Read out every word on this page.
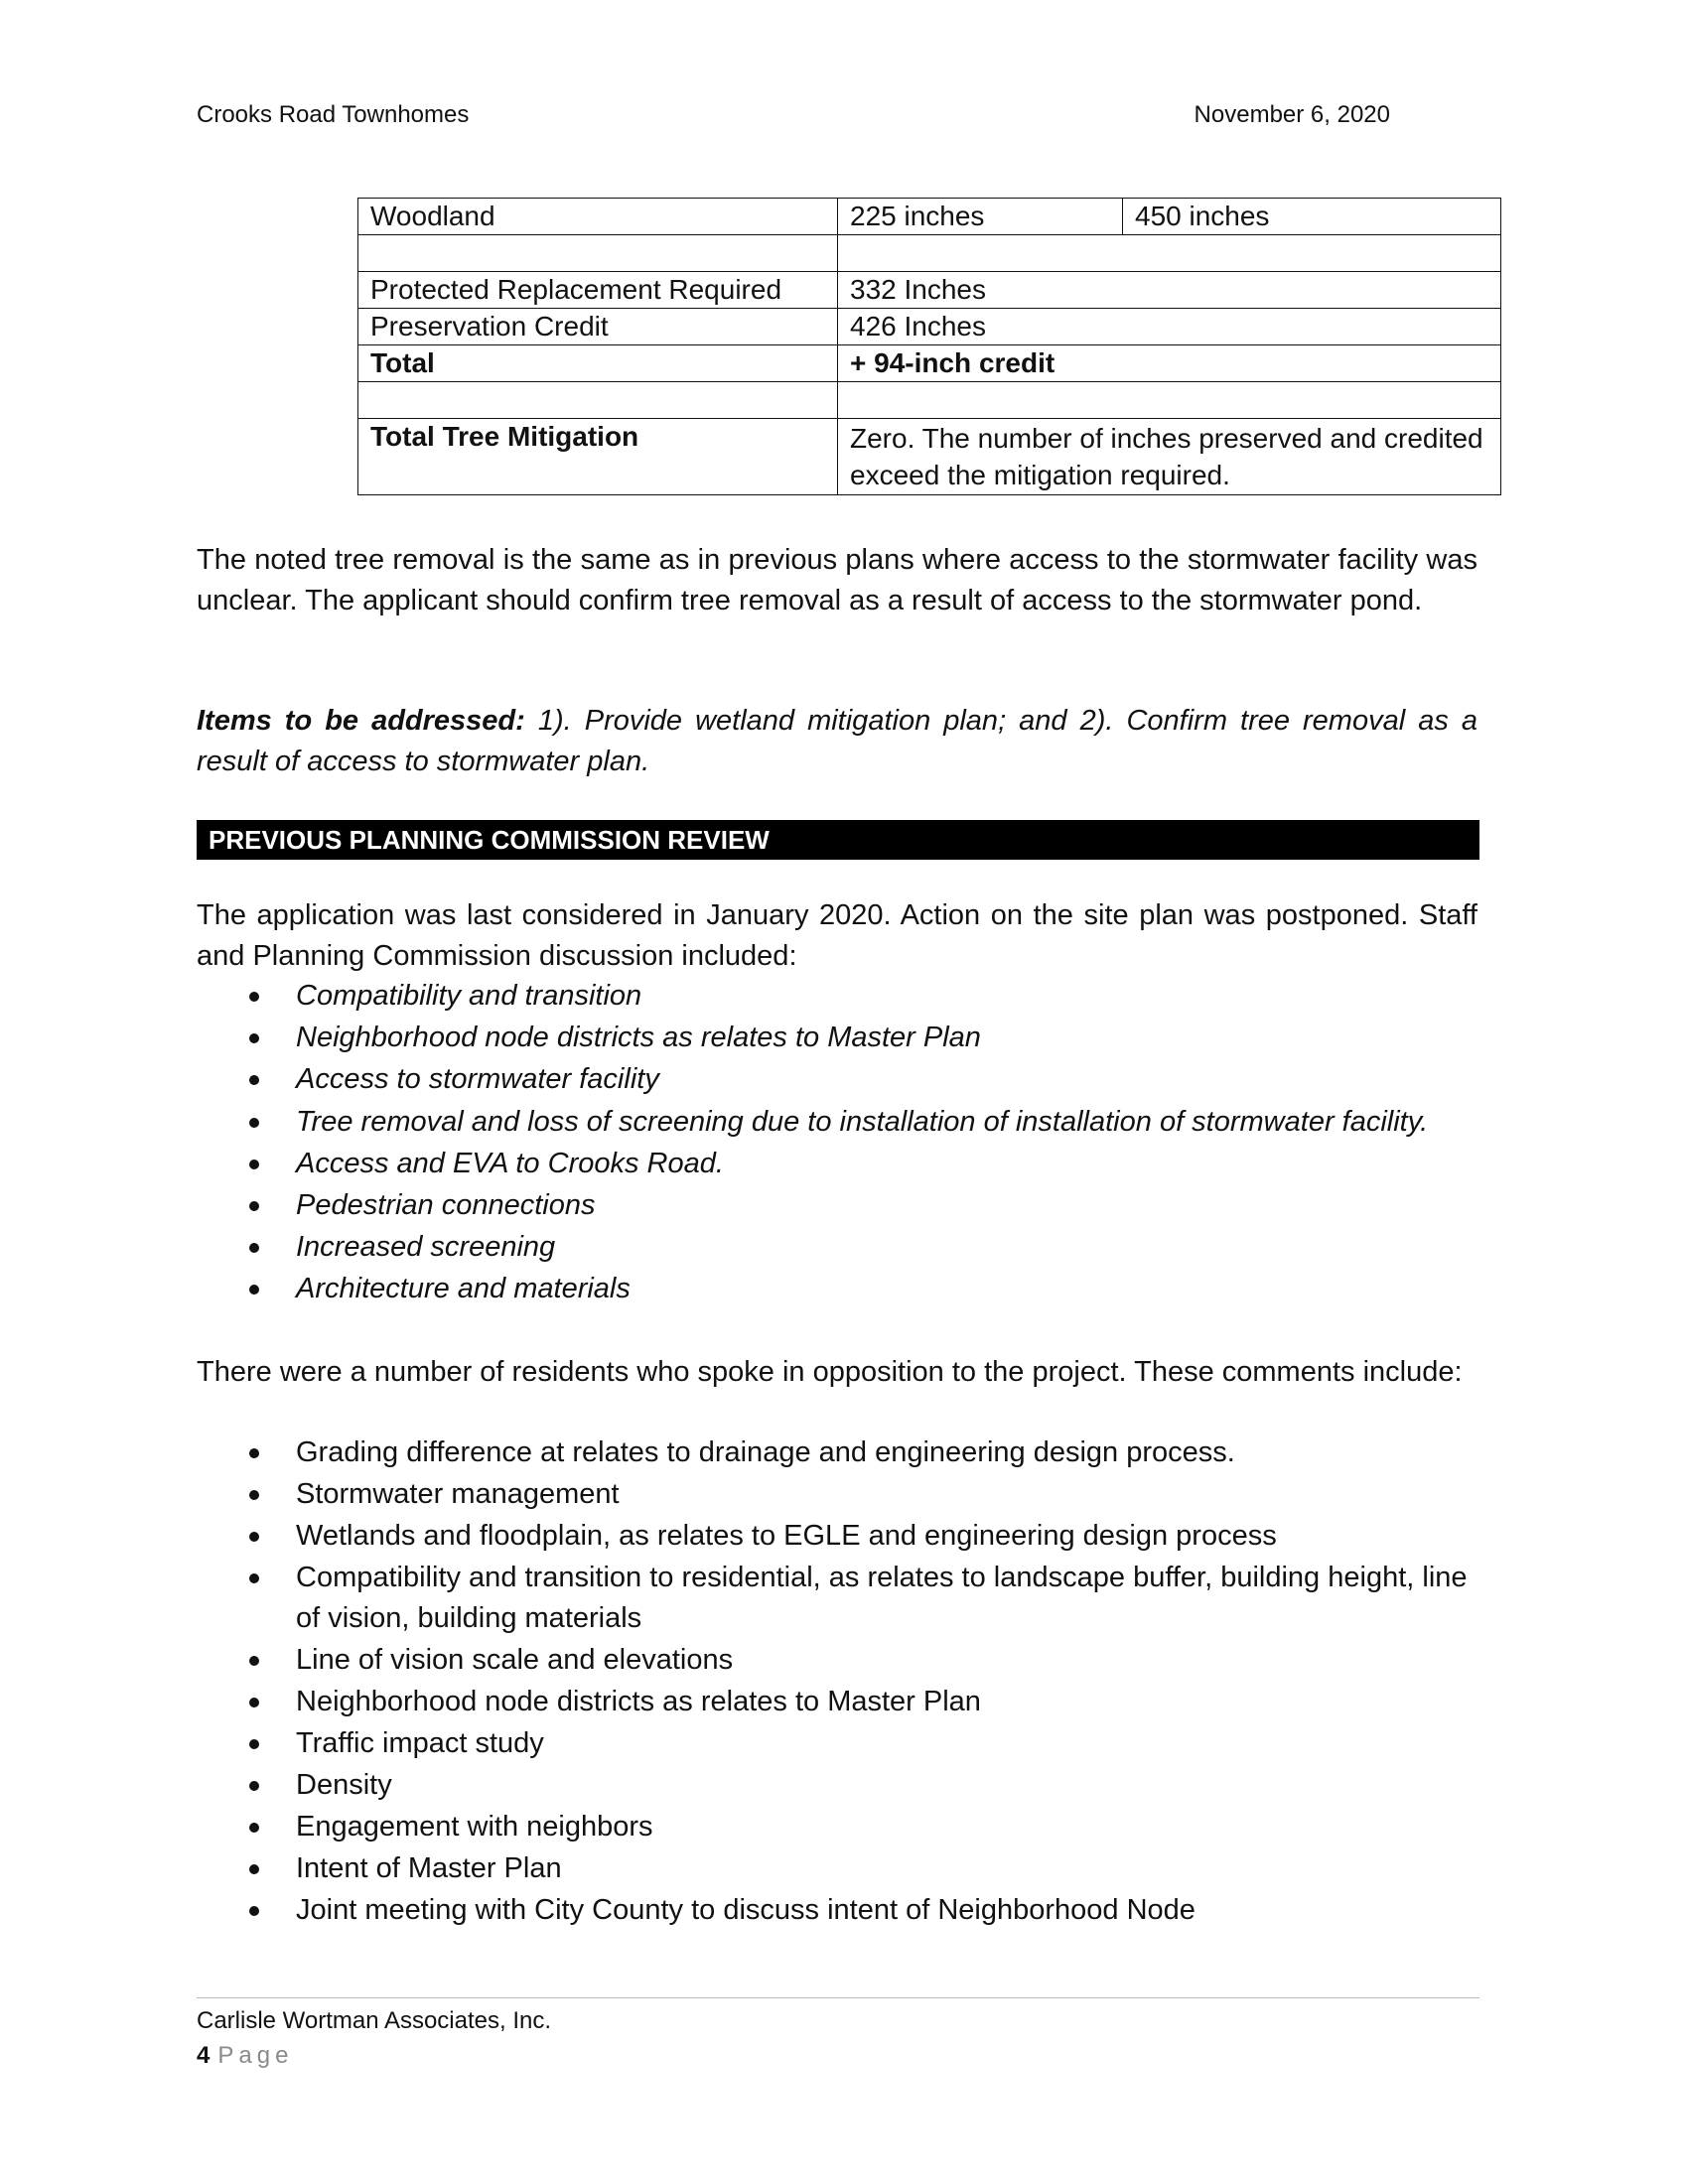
Crooks Road Townhomes	November 6, 2020
Woodland	225 inches	450 inches

Protected Replacement Required	332 Inches	
Preservation Credit	426 Inches	
Total	+ 94-inch credit	

Total Tree Mitigation	Zero. The number of inches preserved and credited exceed the mitigation required.	
The noted tree removal is the same as in previous plans where access to the stormwater facility was unclear. The applicant should confirm tree removal as a result of access to the stormwater pond.
Items to be addressed: 1). Provide wetland mitigation plan; and 2). Confirm tree removal as a result of access to stormwater plan.
PREVIOUS PLANNING COMMISSION REVIEW
The application was last considered in January 2020. Action on the site plan was postponed. Staff and Planning Commission discussion included:
Compatibility and transition
Neighborhood node districts as relates to Master Plan
Access to stormwater facility
Tree removal and loss of screening due to installation of installation of stormwater facility.
Access and EVA to Crooks Road.
Pedestrian connections
Increased screening
Architecture and materials
There were a number of residents who spoke in opposition to the project. These comments include:
Grading difference at relates to drainage and engineering design process.
Stormwater management
Wetlands and floodplain, as relates to EGLE and engineering design process
Compatibility and transition to residential, as relates to landscape buffer, building height, line of vision, building materials
Line of vision scale and elevations
Neighborhood node districts as relates to Master Plan
Traffic impact study
Density
Engagement with neighbors
Intent of Master Plan
Joint meeting with City County to discuss intent of Neighborhood Node
Carlisle Wortman Associates, Inc.
4 Page
